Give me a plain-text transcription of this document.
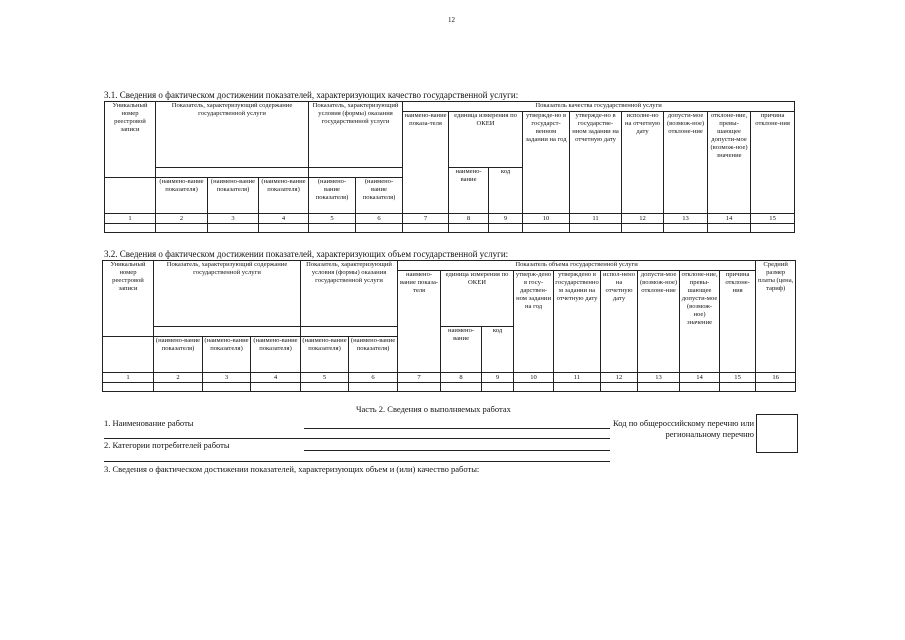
12
3.1. Сведения о фактическом достижении показателей, характеризующих качество государственной услуги:
Уникальный номер реестровой записи	Показатель, характеризующий содержание государственной услуги			Показатель, характеризующий условия (формы) оказания государственной услуги		Показатель качества государственной услуги								
						наимено-вание показа-теля	единица измерения по ОКЕИ		утвержде-но в государст-венном задании на год	утвержде-но в государстве-нном задании на отчетную дату	исполне-но на отчетную дату	допусти-мое (возмож-ное) отклоне-ние	отклоне-ние, превы-шающее допусти-мое (возмож-ное) значение	причина отклоне-ния
							наимено-вание	код						
	(наимено-вание показателя)	(наимено-вание показателя)	(наимено-вание показателя)	(наимено-вание показателя)	(наимено-вание показателя)									
1	2	3	4	5	6	7	8	9	10	11	12	13	14	15

3.2. Сведения о фактическом достижении показателей, характеризующих объем государственной услуги:
Уникальный номер реестровой записи	Показатель, характеризующий содержание государственной услуги			Показатель, характеризующий условия (формы) оказания государственной услуги		Показатель объема государственной услуги									Средний размер платы (цена, тариф)
						наимено-вание показа-теля	единица измерения по ОКЕИ		утверж-дено в госу-дарствен-ном задании на год	утверждено в государственном задании на отчетную дату	испол-нено на отчетную дату	допусти-мое (возмож-ное) отклоне-ние	отклоне-ние, превы-шающее допусти-мое (возмож-ное) значение	причина отклоне-ния	
							наимено-вание	код							
	(наимено-вание показателя)	(наимено-вание показателя)	(наимено-вание показателя)	(наимено-вание показателя)	(наимено-вание показателя)										
1	2	3	4	5	6	7	8	9	10	11	12	13	14	15	16

Часть 2. Сведения о выполняемых работах
1. Наименование работы
2. Категории потребителей работы
Код по общероссийскому перечню или региональному перечню
3. Сведения о фактическом достижении показателей, характеризующих объем и (или) качество работы:
